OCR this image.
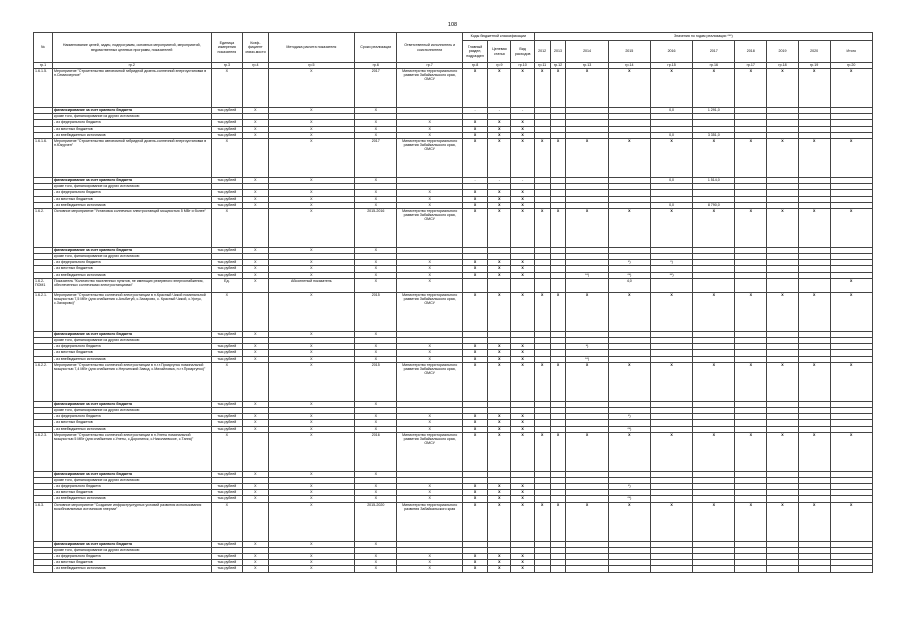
108
№	Наименование целей, задач, подпрограмм, основных мероприятий, мероприятий, ведомственных целевых программ, показателей	Единица измерения показателя	Коэф-фициент значи-мости	Методика расчета показателя	Сроки реализации	Ответственный исполнитель и соисполнители	Коды бюджетной классификации			Значения по годам реализации ***)									
							Главный раздел, подраздел	Целевая статья	Вид расходов	2012	2013	2014	2015	2016	2017	2018	2019	2020	Итого
гр.1	гр.2	гр.3	гр.4	гр.5	гр.6	гр.7	гр.8	гр.9	гр.10	гр.11	гр.12	гр.13	гр.14	гр.15	гр.16	гр.17	гр.18	гр.19	гр.20
1.6.1.5.	Мероприятие "Строительство автономной гибридной дизель-солнечной энергоустановки в п.Семиозерное"	Х		Х	2017	Министерство территориального развития Забайкальского края, ОМСУ	Х	Х	Х	Х	Х	Х	Х	Х	Х	Х	Х	Х	Х
	финансирование за счет краевого бюджета	тыс.рублей	Х	Х	Х		-	-	-					0,0	1 291,0				
	кроме того, финансирование из других источников:																		
	- из федерального бюджета	тыс.рублей	Х	Х	Х	Х	Х	Х	Х										
	- из местных бюджетов	тыс.рублей	Х	Х	Х	Х	Х	Х	Х										
	- из внебюджетных источников	тыс.рублей	Х	Х	Х	Х	Х	Х	Х					0,0	3 351,0				
1.6.1.6.	Мероприятие "Строительство автономной гибридной дизель-солнечной энергоустановки в п.Юкурчен"	Х		Х	2017	Министерство территориального развития Забайкальского края, ОМСУ	Х	Х	Х	Х	Х	Х	Х	Х	Х	Х	Х	Х	Х
	финансирование за счет краевого бюджета	тыс.рублей	Х	Х	Х		-	-	-					0,0	1 514,0				
	кроме того, финансирование из других источников:																		
	- из федерального бюджета	тыс.рублей	Х	Х	Х	Х	Х	Х	Х										
	- из местных бюджетов	тыс.рублей	Х	Х	Х	Х	Х	Х	Х										
	- из внебюджетных источников	тыс.рублей	Х	Х	Х	Х	Х	Х	Х					0,0	8 790,0				
1.6.2.	Основное мероприятие "Установка солнечных электростанций мощностью 5 МВт и более"	Х		Х	2015-2016	Министерство территориального развития Забайкальского края, ОМСУ	Х	Х	Х	Х	Х	Х	Х	Х	Х	Х	Х	Х	Х
	финансирование за счет краевого бюджета	тыс.рублей	Х	Х	Х														
	кроме того, финансирование из других источников:																		
	- из федерального бюджета	тыс.рублей	Х	Х	Х	Х	Х	Х	Х				*)	*)					
	- из местных бюджетов	тыс.рублей	Х	Х	Х	Х	Х	Х	Х										
	- из внебюджетных источников	тыс.рублей	Х	Х	Х	Х	Х	Х	Х			**)	**)	**)					
1.6.2-ПОМ1	Показатель "Количество населенных пунктов, не имеющих резервного энергоснабжения, обеспеченных солнечными электростанциями"	Ед.	Х	Абсолютный показатель	Х	Х							4,0						Х
1.6.2.1.	Мероприятие "Строительство солнечной электростанции в п.Красный Чикой номинальной мощностью 7,5 МВт (для снабжения с.Альбитуй, с.Захарово, с. Красный Чикой, с.Урлук, с.Захарово)"	Х		Х	2015	Министерство территориального развития Забайкальского края, ОМСУ	Х	Х	Х	Х	Х	Х	Х	Х	Х	Х	Х	Х	Х
	финансирование за счет краевого бюджета	тыс.рублей	Х	Х	Х														
	кроме того, финансирование из других источников:																		
	- из федерального бюджета	тыс.рублей	Х	Х	Х	Х	Х	Х	Х			*)							
	- из местных бюджетов	тыс.рублей	Х	Х	Х	Х	Х	Х	Х										
	- из внебюджетных источников	тыс.рублей	Х	Х	Х	Х	Х	Х	Х			**)							
1.6.2.2.	Мероприятие "Строительство солнечной электростанции в п.г.т.Приаргунск номинальной мощностью 7,4 МВт (для снабжения с.Нерчинский Завод, с.Михайловка, п.г.т.Приаргунск)"	Х		Х	2015	Министерство территориального развития Забайкальского края, ОМСУ	Х	Х	Х	Х	Х	Х	Х	Х	Х	Х	Х	Х	Х
	финансирование за счет краевого бюджета	тыс.рублей	Х	Х	Х														
	кроме того, финансирование из других источников:																		
	- из федерального бюджета	тыс.рублей	Х	Х	Х	Х	Х	Х	Х				*)						
	- из местных бюджетов	тыс.рублей	Х	Х	Х	Х	Х	Х	Х										
	- из внебюджетных источников	тыс.рублей	Х	Х	Х	Х	Х	Х	Х				**)						
1.6.2.3.	Мероприятие "Строительство солнечной электростанции в п.Улеты номинальной мощностью 5 МВт (для снабжения с.Улеты, с.Доронинск, с.Николаевское, с.Танга)"	Х		Х	2016	Министерство территориального развития Забайкальского края, ОМСУ	Х	Х	Х	Х	Х	Х	Х	Х	Х	Х	Х	Х	Х
	финансирование за счет краевого бюджета	тыс.рублей	Х	Х	Х														
	кроме того, финансирование из других источников:																		
	- из федерального бюджета	тыс.рублей	Х	Х	Х	Х	Х	Х	Х				*)						
	- из местных бюджетов	тыс.рублей	Х	Х	Х	Х	Х	Х	Х										
	- из внебюджетных источников	тыс.рублей	Х	Х	Х	Х	Х	Х	Х				**)						
1.6.3.	Основное мероприятие "Создание инфраструктурных условий развития использования возобновляемых источников энергии"	Х		Х	2015-2020	Министерство территориального развития Забайкальского края	Х	Х	Х	Х	Х	Х	Х	Х	Х	Х	Х	Х	Х
	финансирование за счет краевого бюджета	тыс.рублей	Х	Х	Х														
	кроме того, финансирование из других источников:																		
	- из федерального бюджета	тыс.рублей	Х	Х	Х	Х	Х	Х	Х										
	- из местных бюджетов	тыс.рублей	Х	Х	Х	Х	Х	Х	Х										
	- из внебюджетных источников	тыс.рублей	Х	Х	Х	Х	Х	Х	Х										
